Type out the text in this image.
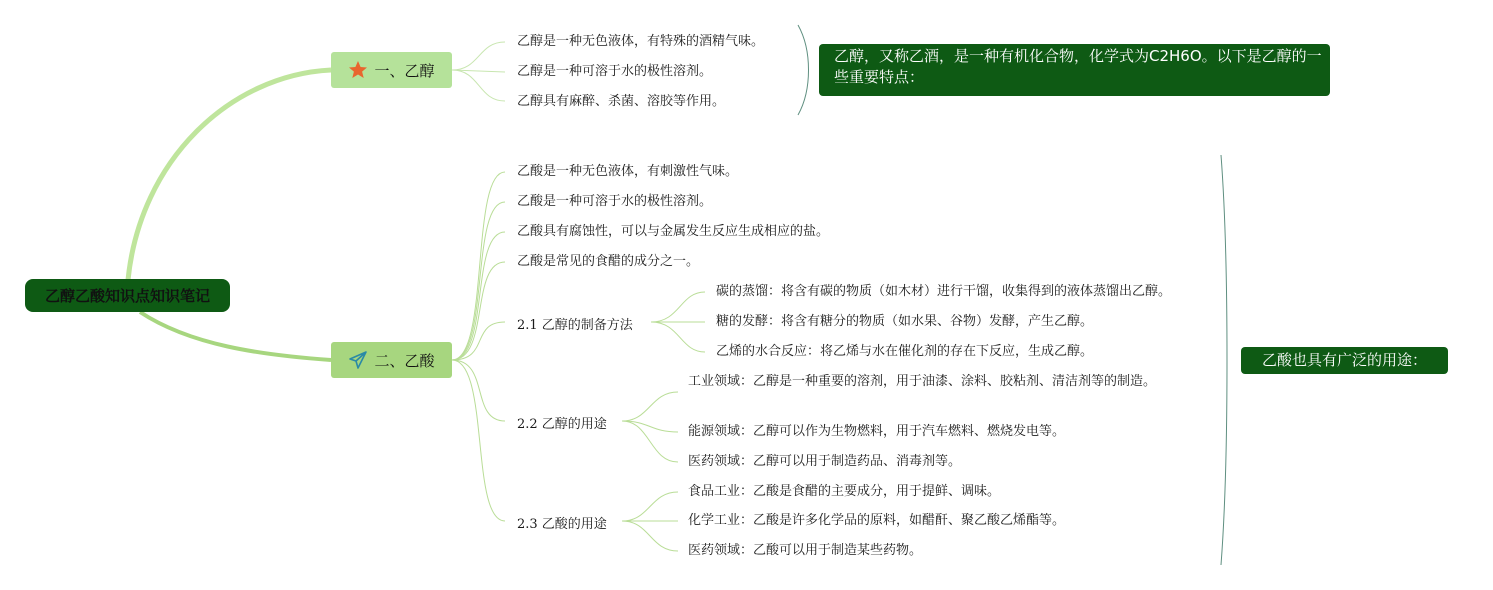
乙醇乙酸知识点知识笔记
一、乙醇
二、乙酸
乙醇是一种无色液体，有特殊的酒精气味。
乙醇是一种可溶于水的极性溶剂。
乙醇具有麻醉、杀菌、溶胶等作用。
乙酸是一种无色液体，有刺激性气味。
乙酸是一种可溶于水的极性溶剂。
乙酸具有腐蚀性，可以与金属发生反应生成相应的盐。
乙酸是常见的食醋的成分之一。
2.1 乙醇的制备方法
2.2 乙醇的用途
2.3 乙酸的用途
碳的蒸馏：将含有碳的物质（如木材）进行干馏，收集得到的液体蒸馏出乙醇。
糖的发酵：将含有糖分的物质（如水果、谷物）发酵，产生乙醇。
乙烯的水合反应：将乙烯与水在催化剂的存在下反应，生成乙醇。
工业领域：乙醇是一种重要的溶剂，用于油漆、涂料、胶粘剂、清洁剂等的制造。
能源领域：乙醇可以作为生物燃料，用于汽车燃料、燃烧发电等。
医药领域：乙醇可以用于制造药品、消毒剂等。
食品工业：乙酸是食醋的主要成分，用于提鲜、调味。
化学工业：乙酸是许多化学品的原料，如醋酐、聚乙酸乙烯酯等。
医药领域：乙酸可以用于制造某些药物。
乙醇，又称乙酒，是一种有机化合物，化学式为C2H6O。以下是乙醇的一些重要特点：
乙酸也具有广泛的用途：
